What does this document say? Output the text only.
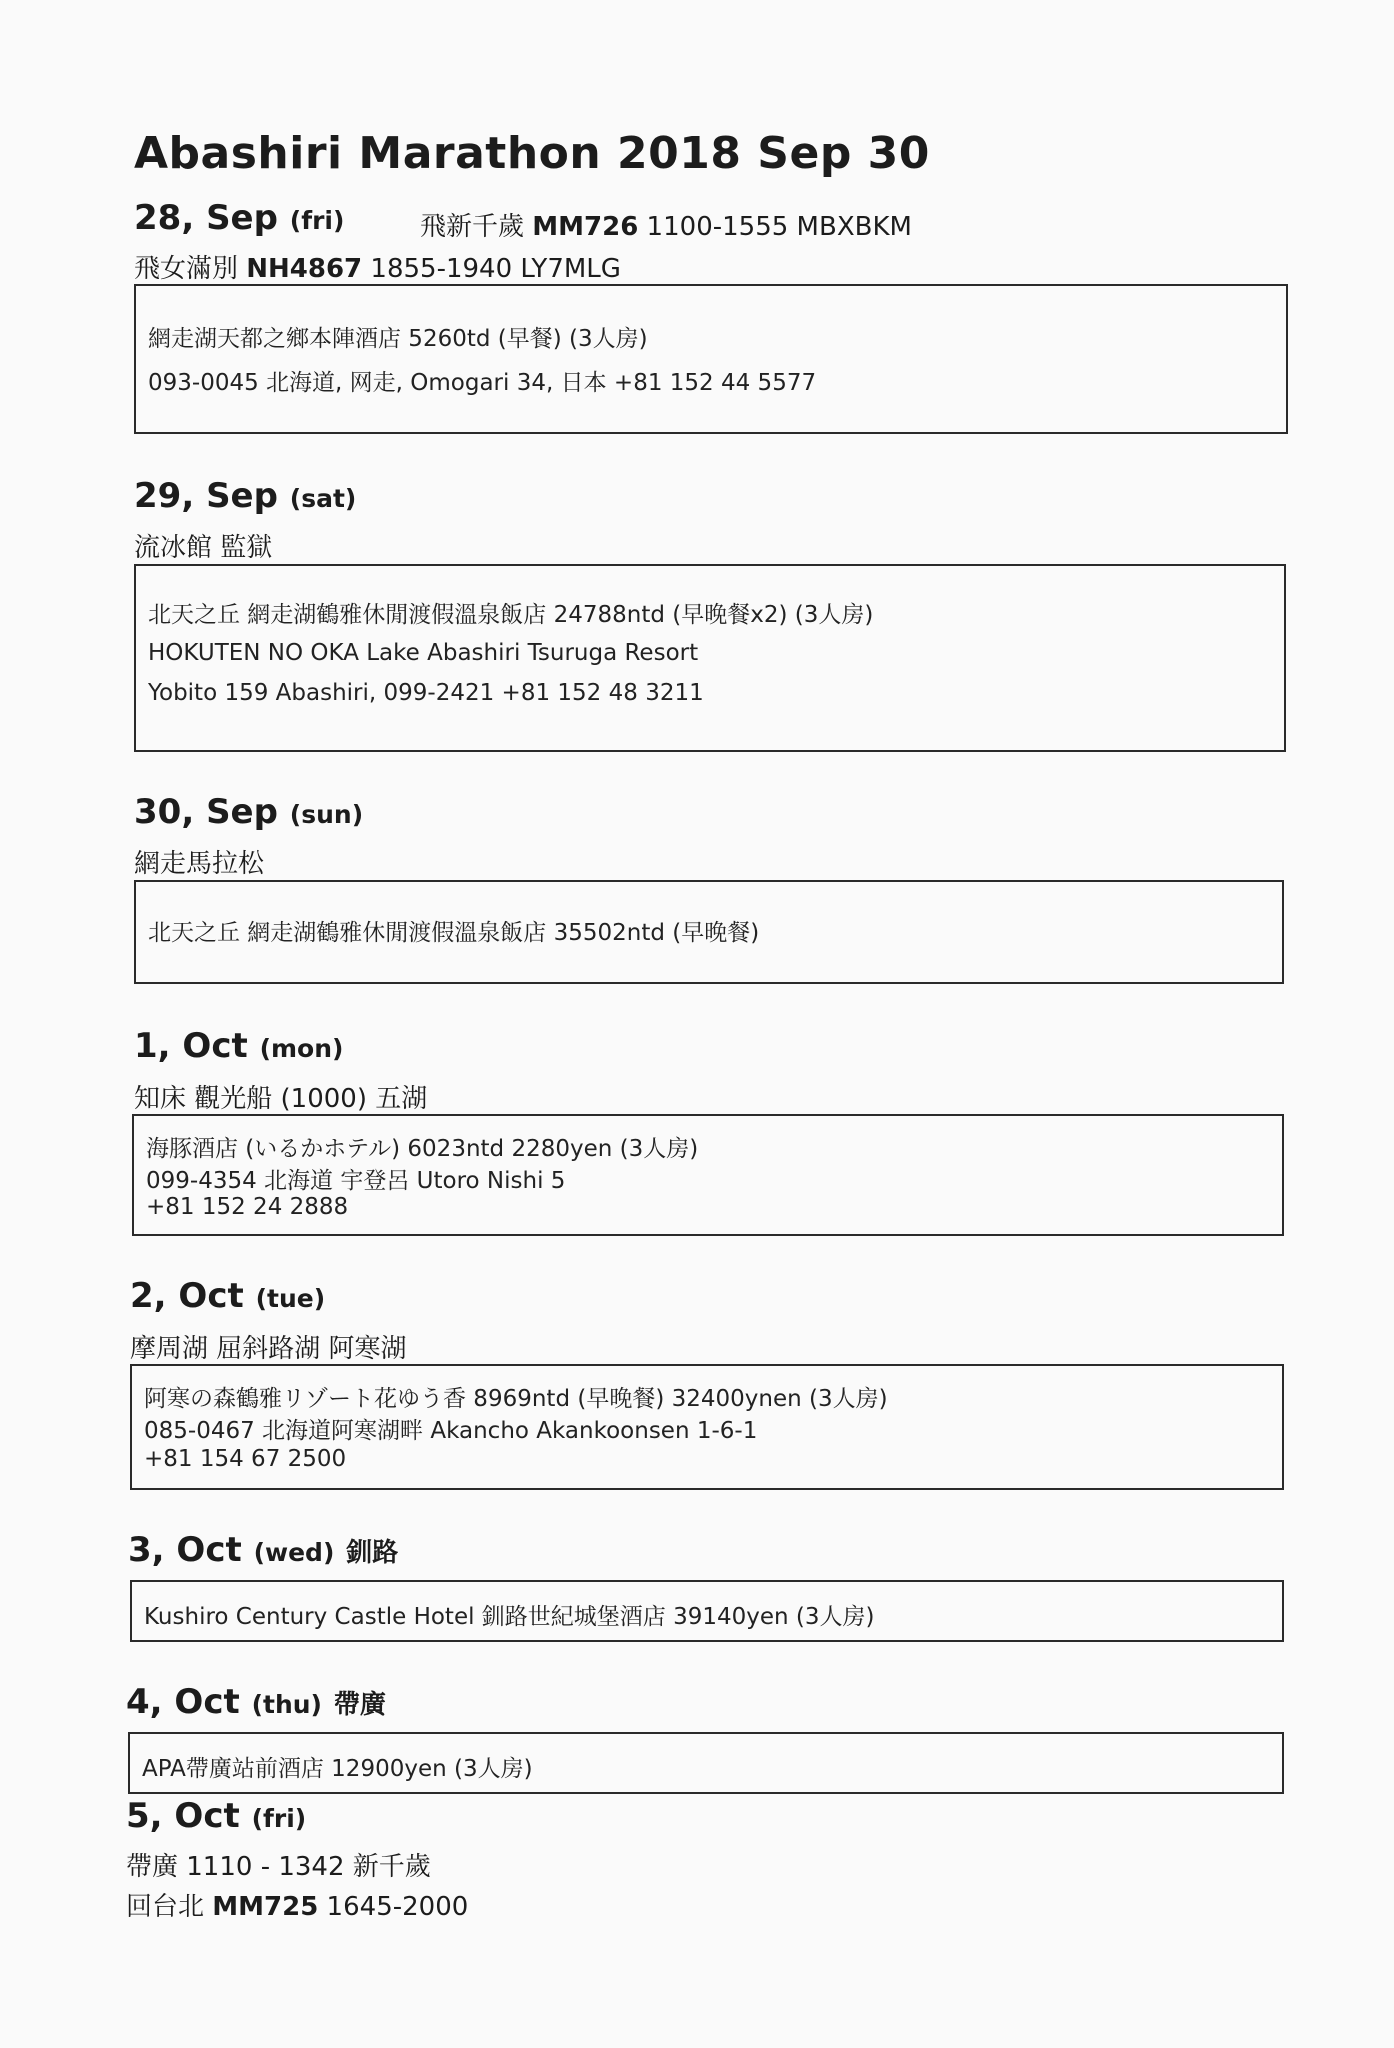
Abashiri Marathon 2018 Sep 30
28, Sep (fri)	飛新千歲 MM726 1100-1555 MBXBKM
飛女滿別 NH4867 1855-1940 LY7MLG
網走湖天都之鄉本陣酒店 5260td (早餐) (3人房)
093-0045 北海道, 网走, Omogari 34, 日本 +81 152 44 5577
29, Sep (sat)
流冰館 監獄
北天之丘 網走湖鶴雅休閒渡假溫泉飯店 24788ntd (早晚餐x2) (3人房)
HOKUTEN NO OKA Lake Abashiri Tsuruga Resort
Yobito 159 Abashiri, 099-2421 +81 152 48 3211
30, Sep (sun)
網走馬拉松
北天之丘 網走湖鶴雅休閒渡假溫泉飯店 35502ntd (早晚餐)
1, Oct (mon)
知床 觀光船 (1000) 五湖
海豚酒店 (いるかホテル) 6023ntd 2280yen (3人房)
099-4354 北海道 宇登呂 Utoro Nishi 5
+81 152 24 2888
2, Oct (tue)
摩周湖 屈斜路湖 阿寒湖
阿寒の森鶴雅リゾート花ゆう香 8969ntd (早晚餐) 32400ynen (3人房)
085-0467 北海道阿寒湖畔 Akancho Akankoonsen 1-6-1
+81 154 67 2500
3, Oct (wed) 釧路
Kushiro Century Castle Hotel 釧路世紀城堡酒店 39140yen (3人房)
4, Oct (thu) 帶廣
APA帶廣站前酒店 12900yen (3人房)
5, Oct (fri)
帶廣 1110 - 1342 新千歲
回台北 MM725 1645-2000
